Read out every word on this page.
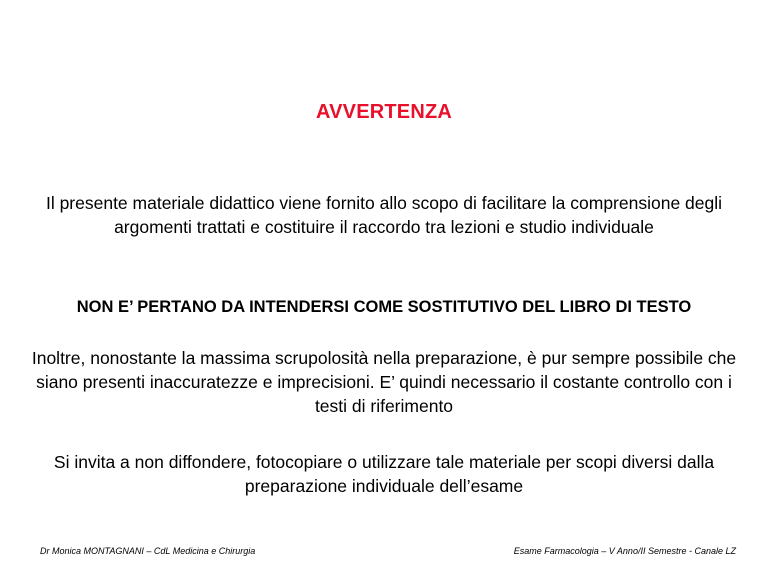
AVVERTENZA
Il presente materiale didattico viene fornito allo scopo di facilitare la comprensione degli argomenti trattati e costituire il raccordo tra lezioni e studio individuale
NON E’ PERTANO DA INTENDERSI COME SOSTITUTIVO DEL LIBRO DI TESTO
Inoltre, nonostante la massima scrupolosità nella preparazione, è pur sempre possibile che siano presenti inaccuratezze e imprecisioni. E’ quindi necessario il costante controllo con i testi di riferimento
Si invita a non diffondere, fotocopiare o utilizzare tale materiale per scopi diversi dalla preparazione individuale dell’esame
Dr Monica MONTAGNANI – CdL Medicina e Chirurgia	Esame Farmacologia – V Anno/II Semestre - Canale LZ
